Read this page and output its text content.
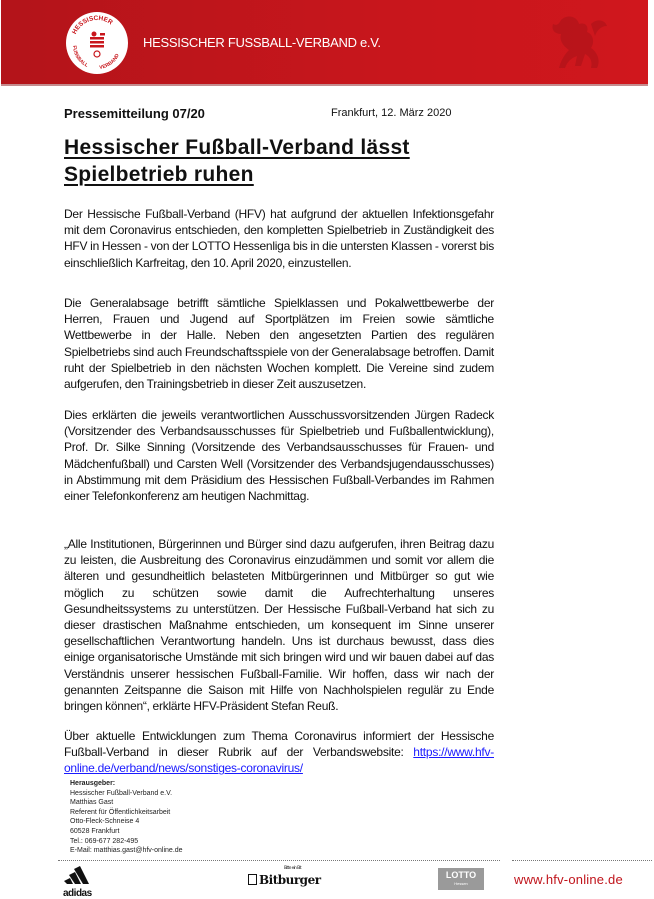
HESSISCHER
FUSSBALL VERBAND
HESSISCHER FUSSBALL-VERBAND e.V.
Pressemitteilung 07/20	Frankfurt, 12. März 2020
Hessischer Fußball-Verband lässt Spielbetrieb ruhen

Der Hessische Fußball-Verband (HFV) hat aufgrund der aktuellen Infektionsgefahr mit dem Coronavirus entschieden, den kompletten Spielbetrieb in Zuständigkeit des HFV in Hessen - von der LOTTO Hessenliga bis in die untersten Klassen - vorerst bis einschließlich Karfreitag, den 10. April 2020, einzustellen.

Die Generalabsage betrifft sämtliche Spielklassen und Pokalwettbewerbe der Herren, Frauen und Jugend auf Sportplätzen im Freien sowie sämtliche Wettbewerbe in der Halle. Neben den angesetzten Partien des regulären Spielbetriebs sind auch Freundschaftsspiele von der Generalabsage betroffen. Damit ruht der Spielbetrieb in den nächsten Wochen komplett. Die Vereine sind zudem aufgerufen, den Trainingsbetrieb in dieser Zeit auszusetzen.

Dies erklärten die jeweils verantwortlichen Ausschussvorsitzenden Jürgen Radeck (Vorsitzender des Verbandsausschusses für Spielbetrieb und Fußballentwicklung), Prof. Dr. Silke Sinning (Vorsitzende des Verbandsausschusses für Frauen- und Mädchenfußball) und Carsten Well (Vorsitzender des Verbandsjugendausschusses) in Abstimmung mit dem Präsidium des Hessischen Fußball-Verbandes im Rahmen einer Telefonkonferenz am heutigen Nachmittag.

„Alle Institutionen, Bürgerinnen und Bürger sind dazu aufgerufen, ihren Beitrag dazu zu leisten, die Ausbreitung des Coronavirus einzudämmen und somit vor allem die älteren und gesundheitlich belasteten Mitbürgerinnen und Mitbürger so gut wie möglich zu schützen sowie damit die Aufrechterhaltung unseres Gesundheitssystems zu unterstützen. Der Hessische Fußball-Verband hat sich zu dieser drastischen Maßnahme entschieden, um konsequent im Sinne unserer gesellschaftlichen Verantwortung handeln. Uns ist durchaus bewusst, dass dies einige organisatorische Umstände mit sich bringen wird und wir bauen dabei auf das Verständnis unserer hessischen Fußball-Familie. Wir hoffen, dass wir nach der genannten Zeitspanne die Saison mit Hilfe von Nachholspielen regulär zu Ende bringen können“, erklärte HFV-Präsident Stefan Reuß.

Über aktuelle Entwicklungen zum Thema Coronavirus informiert der Hessische Fußball-Verband in dieser Rubrik auf der Verbandswebsite: https://www.hfv-online.de/verband/news/sonstiges-coronavirus/

Herausgeber:
Hessischer Fußball-Verband e.V.
Matthias Gast
Referent für Öffentlichkeitsarbeit
Otto-Fleck-Schneise 4
60528 Frankfurt
Tel.: 069-677 282-495
E-Mail: matthias.gast@hfv-online.de
adidas
Bitburger
Bitte ein Bit
LOTTO
Hessen	www.hfv-online.de
